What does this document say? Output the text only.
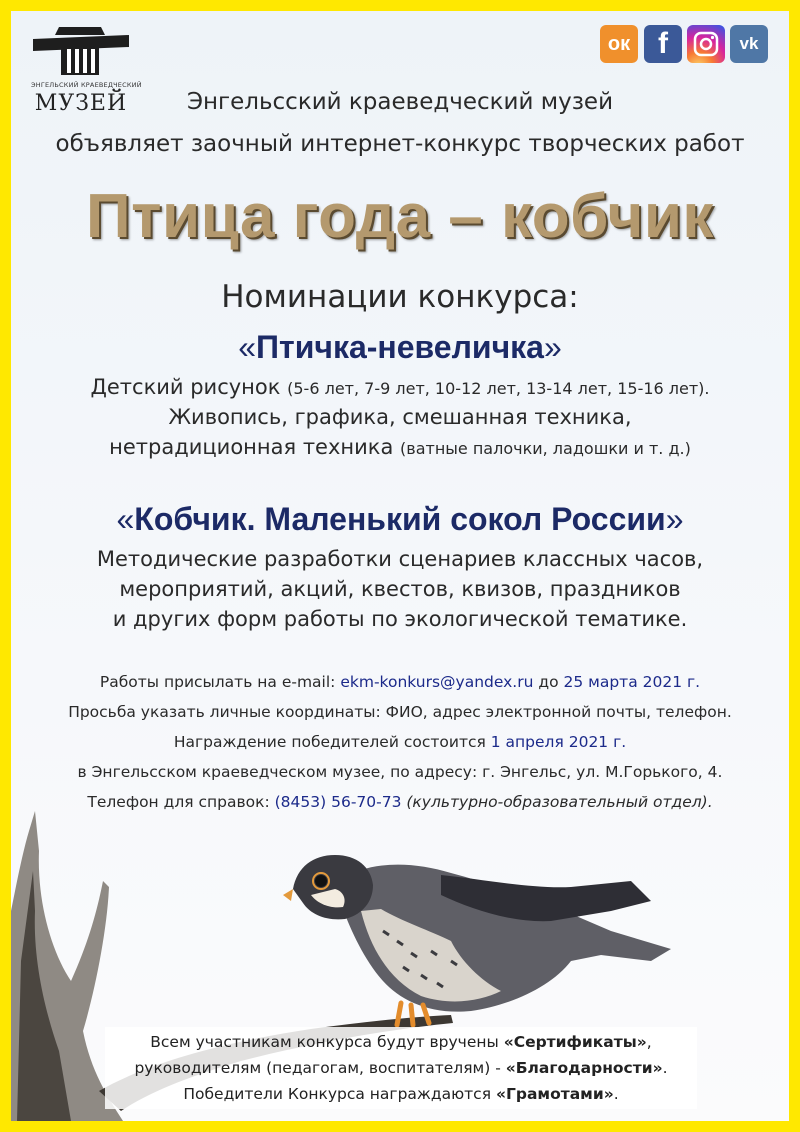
ЭНГЕЛЬСКИЙ КРАЕВЕДЧЕСКИЙ
МУЗЕЙ
ок f	vk
Энгельсский краеведческий музей
объявляет заочный интернет-конкурс творческих работ
Птица года – кобчик
Номинации конкурса:
«Птичка-невеличка»
Детский рисунок (5-6 лет, 7-9 лет, 10-12 лет, 13-14 лет, 15-16 лет).
Живопись, графика, смешанная техника,
нетрадиционная техника (ватные палочки, ладошки и т. д.)
«Кобчик. Маленький сокол России»
Методические разработки сценариев классных часов,
мероприятий, акций, квестов, квизов, праздников
и других форм работы по экологической тематике.
Работы присылать на e-mail: ekm-konkurs@yandex.ru до 25 марта 2021 г.
Просьба указать личные координаты: ФИО, адрес электронной почты, телефон.
Награждение победителей состоится 1 апреля 2021 г.
в Энгельсском краеведческом музее, по адресу: г. Энгельс, ул. М.Горького, 4.
Телефон для справок: (8453) 56-70-73 (культурно-образовательный отдел).
Всем участникам конкурса будут вручены «Сертификаты»,
руководителям (педагогам, воспитателям) - «Благодарности».
Победители Конкурса награждаются «Грамотами».
